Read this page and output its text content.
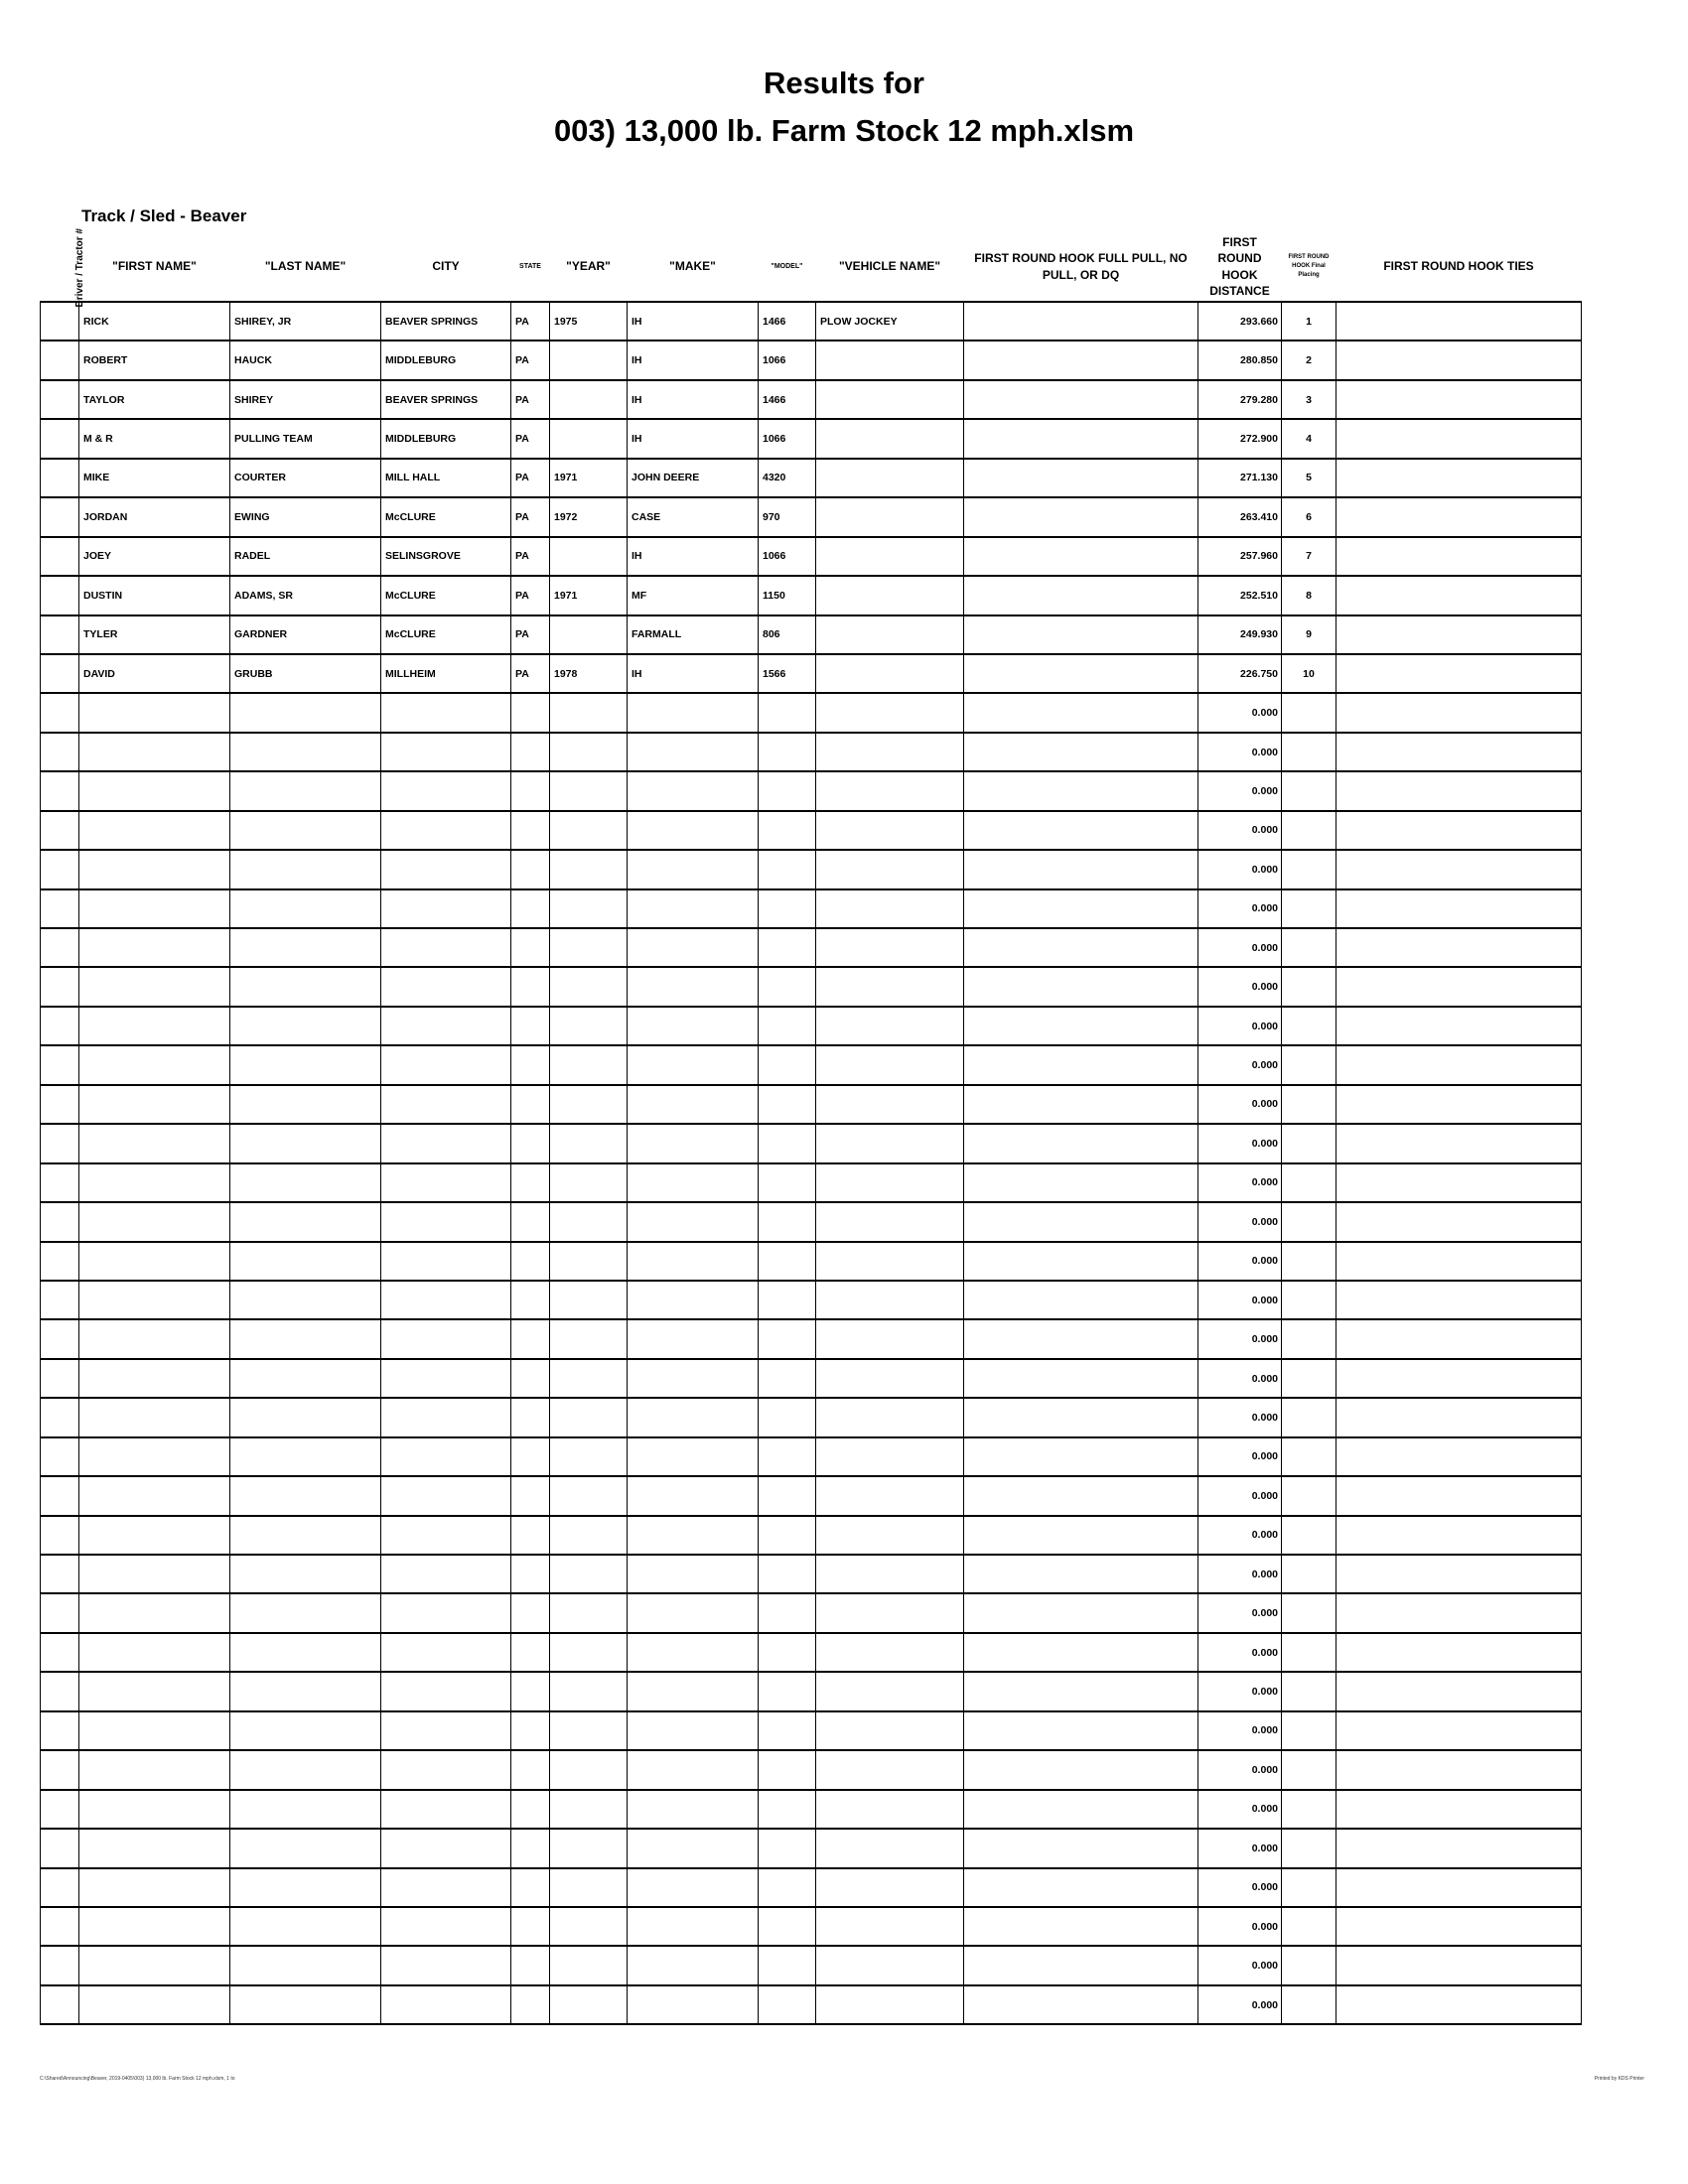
Results for
003) 13,000 lb. Farm Stock 12 mph.xlsm
Track / Sled - Beaver
Driver / Tractor #	"FIRST NAME"	"LAST NAME"	CITY	STATE	"YEAR"	"MAKE"	"MODEL"	"VEHICLE NAME"	FIRST ROUND HOOK FULL PULL, NO PULL, OR DQ	FIRST ROUND HOOK DISTANCE	FIRST ROUND HOOK Final Placing	FIRST ROUND HOOK TIES
	RICK	SHIREY, JR	BEAVER SPRINGS	PA	1975	IH	1466	PLOW JOCKEY		293.660	1	
	ROBERT	HAUCK	MIDDLEBURG	PA		IH	1066			280.850	2	
	TAYLOR	SHIREY	BEAVER SPRINGS	PA		IH	1466			279.280	3	
	M & R	PULLING TEAM	MIDDLEBURG	PA		IH	1066			272.900	4	
	MIKE	COURTER	MILL HALL	PA	1971	JOHN DEERE	4320			271.130	5	
	JORDAN	EWING	McCLURE	PA	1972	CASE	970			263.410	6	
	JOEY	RADEL	SELINSGROVE	PA		IH	1066			257.960	7	
	DUSTIN	ADAMS, SR	McCLURE	PA	1971	MF	1150			252.510	8	
	TYLER	GARDNER	McCLURE	PA		FARMALL	806			249.930	9	
	DAVID	GRUBB	MILLHEIM	PA	1978	IH	1566			226.750	10	
										0.000		
										0.000		
										0.000		
										0.000		
										0.000		
										0.000		
										0.000		
										0.000		
										0.000		
										0.000		
										0.000		
										0.000		
										0.000		
										0.000		
										0.000		
										0.000		
										0.000		
										0.000		
										0.000		
										0.000		
										0.000		
										0.000		
										0.000		
										0.000		
										0.000		
										0.000		
										0.000		
										0.000		
										0.000		
										0.000		
										0.000		
										0.000		
										0.000		
										0.000		
C:\Shared\Announcing\Beaver, 2019-0405\003) 13,000 lb. Farm Stock 12 mph.xlsm, 1 to	Printed by KDS Printer
